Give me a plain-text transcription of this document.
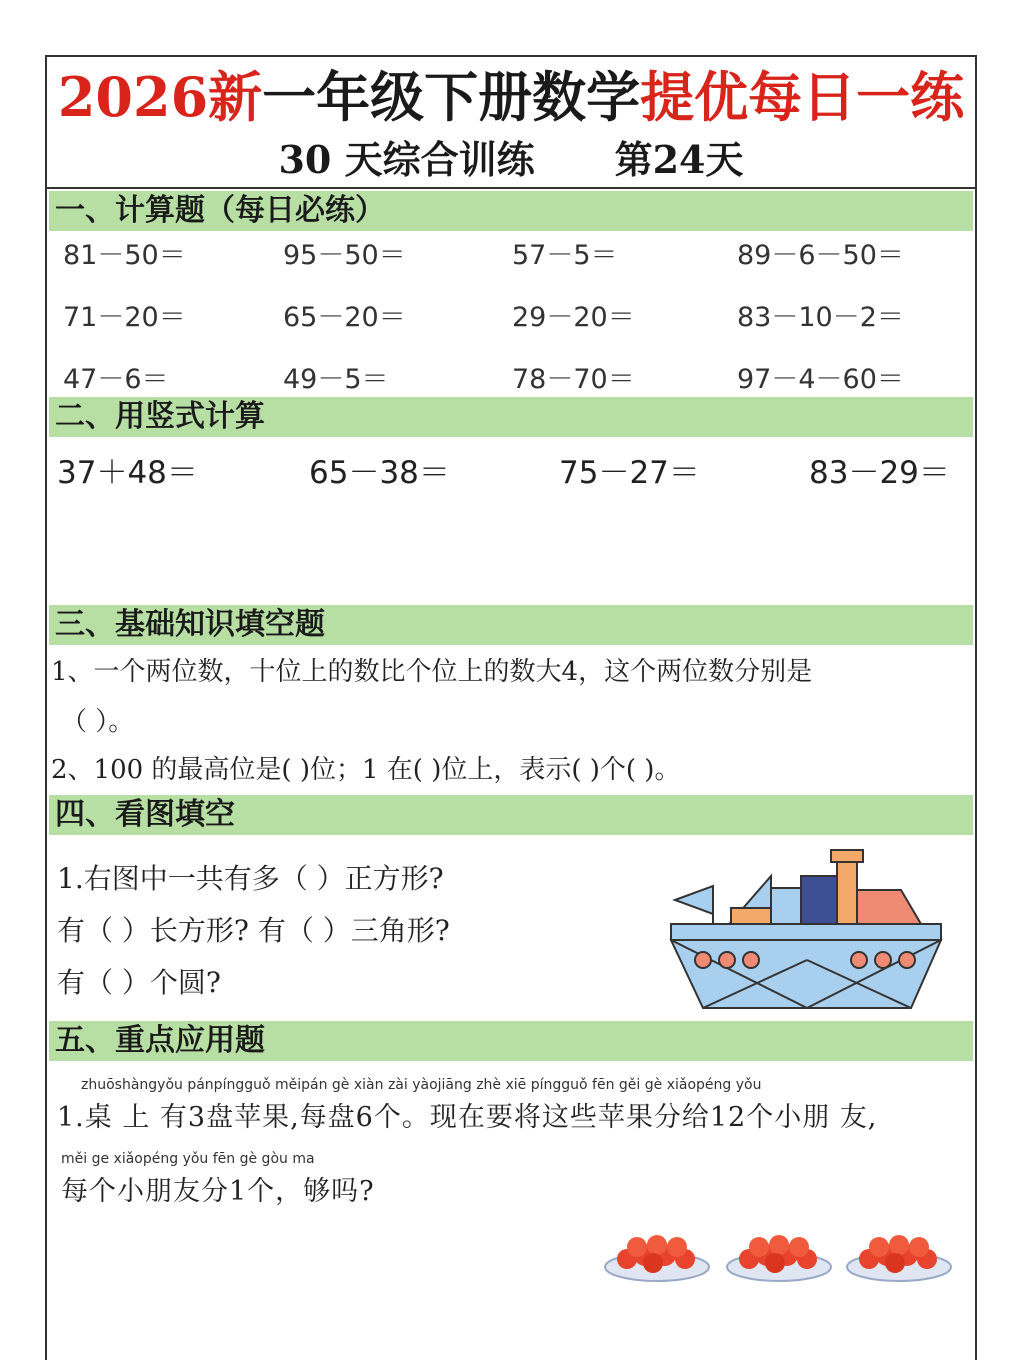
2026新一年级下册数学提优每日一练
30 天综合训练 第24天
一、计算题（每日必练）
81－50＝	95－50＝	57－5＝	89－6－50＝
71－20＝	65－20＝	29－20＝	83－10－2＝
47－6＝	49－5＝	78－70＝	97－4－60＝
二、用竖式计算
37＋48＝	65－38＝	75－27＝	83－29＝
三、基础知识填空题
1、一个两位数，十位上的数比个位上的数大4，这个两位数分别是
（ ）。
2、100 的最高位是( )位；1 在( )位上，表示( )个( )。
四、看图填空
1.右图中一共有多（ ）正方形?
有（ ）长方形? 有（ ）三角形?
有（ ）个圆?
五、重点应用题
zhuōshàngyǒu pánpíngguǒ měipán gè xiàn zài yàojiāng zhè xiē píngguǒ fēn gěi gè xiǎopéng yǒu
1.桌 上 有3盘苹果,每盘6个。现在要将这些苹果分给12个小朋 友,
měi ge xiǎopéng yǒu fēn gè gòu ma
每个小朋友分1个，够吗?
